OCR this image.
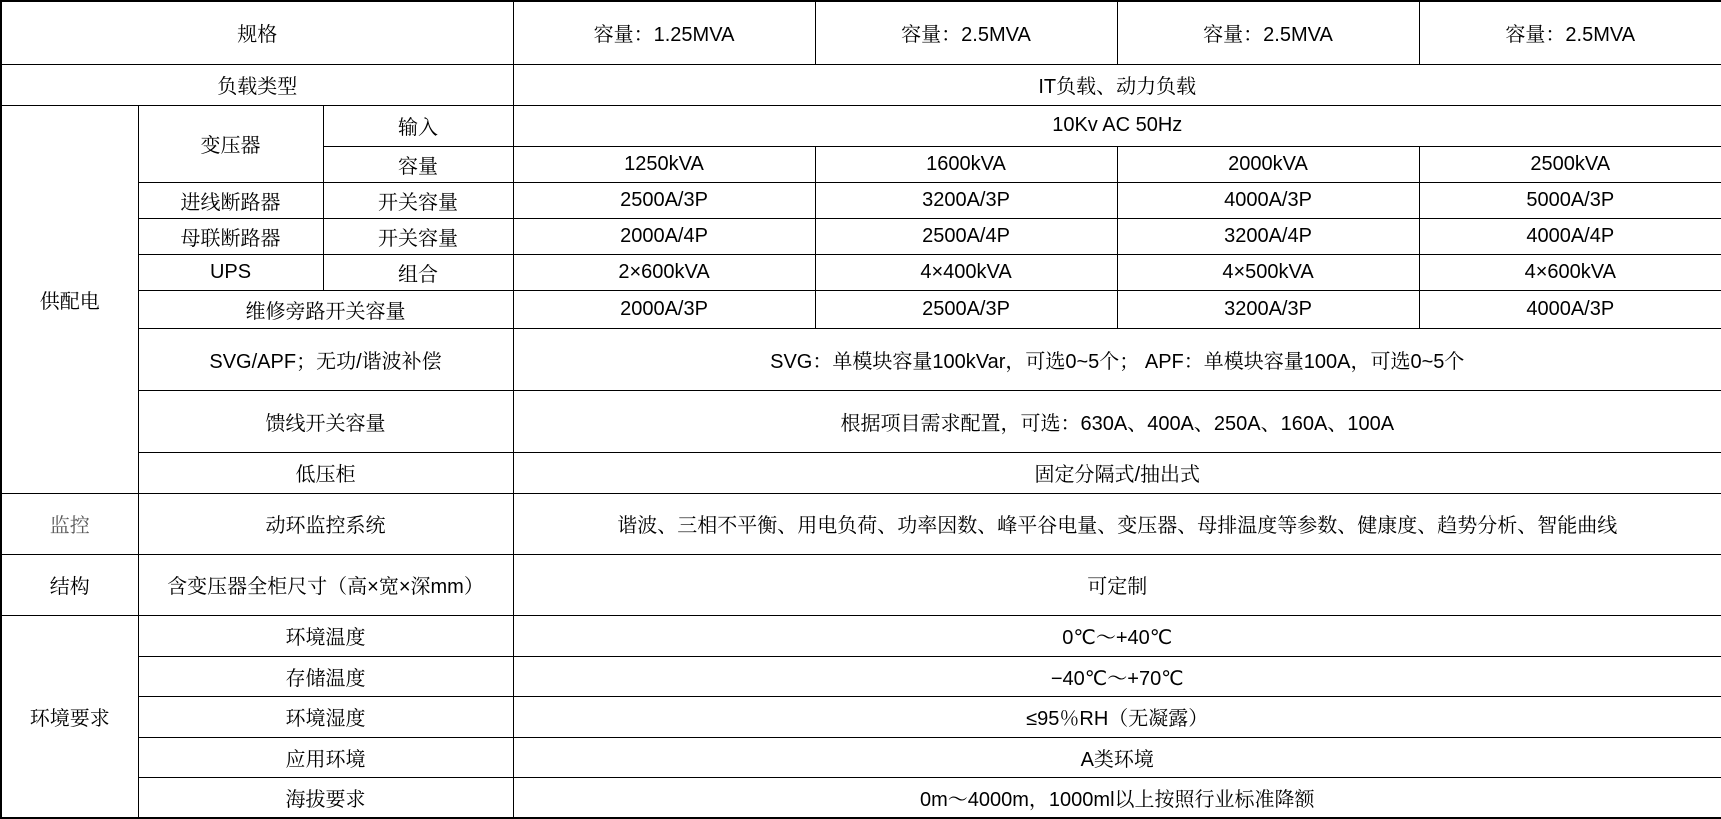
规格			容量：1.25MVA	容量：2.5MVA	容量：2.5MVA	容量：2.5MVA
负载类型			IT负载、动力负载			
供配电	变压器	输入	10Kv AC 50Hz			
		容量	1250kVA	1600kVA	2000kVA	2500kVA
	进线断路器	开关容量	2500A/3P	3200A/3P	4000A/3P	5000A/3P
	母联断路器	开关容量	2000A/4P	2500A/4P	3200A/4P	4000A/4P
	UPS	组合	2×600kVA	4×400kVA	4×500kVA	4×600kVA
	维修旁路开关容量		2000A/3P	2500A/3P	3200A/3P	4000A/3P
	SVG/APF；无功/谐波补偿		SVG：单模块容量100kVar，可选0~5个； APF：单模块容量100A，可选0~5个			
	馈线开关容量		根据项目需求配置，可选：630A、400A、250A、160A、100A			
	低压柜		固定分隔式/抽出式			
监控	动环监控系统		谐波、三相不平衡、用电负荷、功率因数、峰平谷电量、变压器、母排温度等参数、健康度、趋势分析、智能曲线			
结构	含变压器全柜尺寸（高×宽×深mm）		可定制			
环境要求	环境温度		0℃～+40℃			
	存储温度		−40℃～+70℃			
	环境湿度		≤95％RH（无凝露）			
	应用环境		A类环境			
	海拔要求		0m～4000m，1000ml以上按照行业标准降额			
